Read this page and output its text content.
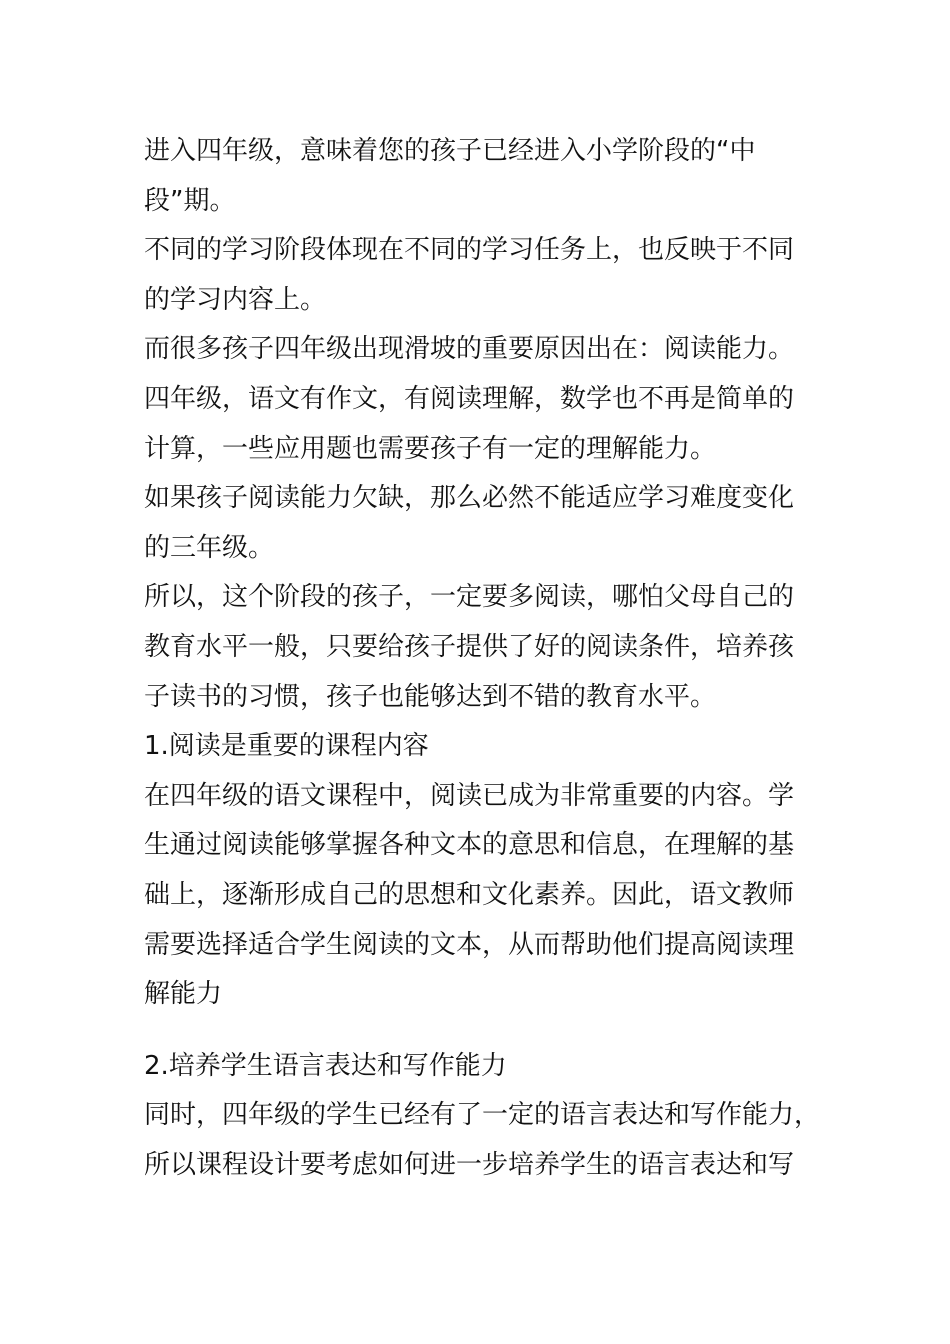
进入四年级，意味着您的孩子已经进入小学阶段的“中
段”期。

不同的学习阶段体现在不同的学习任务上，也反映于不同
的学习内容上。

而很多孩子四年级出现滑坡的重要原因出在：阅读能力。

四年级，语文有作文，有阅读理解，数学也不再是简单的
计算，一些应用题也需要孩子有一定的理解能力。

如果孩子阅读能力欠缺，那么必然不能适应学习难度变化
的三年级。

所以，这个阶段的孩子，一定要多阅读，哪怕父母自己的
教育水平一般，只要给孩子提供了好的阅读条件，培养孩
子读书的习惯，孩子也能够达到不错的教育水平。

1.阅读是重要的课程内容

在四年级的语文课程中，阅读已成为非常重要的内容。学
生通过阅读能够掌握各种文本的意思和信息，在理解的基
础上，逐渐形成自己的思想和文化素养。因此，语文教师
需要选择适合学生阅读的文本，从而帮助他们提高阅读理
解能力

2.培养学生语言表达和写作能力

同时，四年级的学生已经有了一定的语言表达和写作能力，
所以课程设计要考虑如何进一步培养学生的语言表达和写
